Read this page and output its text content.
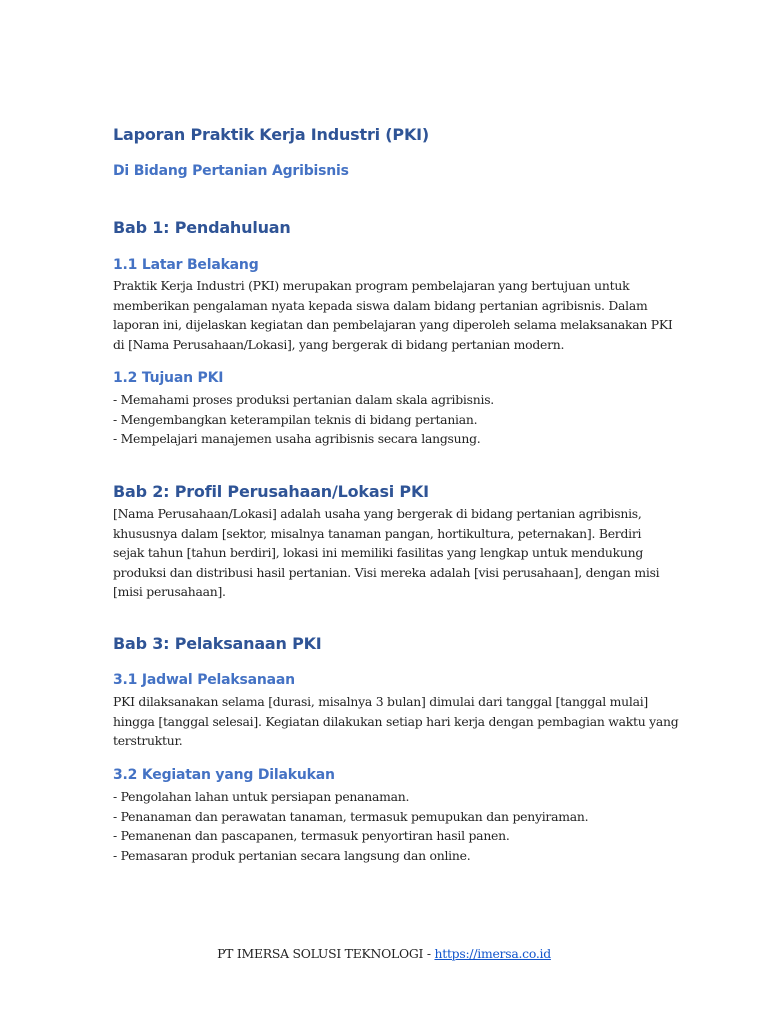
Laporan Praktik Kerja Industri (PKI)
Di Bidang Pertanian Agribisnis
Bab 1: Pendahuluan
1.1 Latar Belakang
Praktik Kerja Industri (PKI) merupakan program pembelajaran yang bertujuan untuk
memberikan pengalaman nyata kepada siswa dalam bidang pertanian agribisnis. Dalam
laporan ini, dijelaskan kegiatan dan pembelajaran yang diperoleh selama melaksanakan PKI
di [Nama Perusahaan/Lokasi], yang bergerak di bidang pertanian modern.
1.2 Tujuan PKI
- Memahami proses produksi pertanian dalam skala agribisnis.
- Mengembangkan keterampilan teknis di bidang pertanian.
- Mempelajari manajemen usaha agribisnis secara langsung.
Bab 2: Profil Perusahaan/Lokasi PKI
[Nama Perusahaan/Lokasi] adalah usaha yang bergerak di bidang pertanian agribisnis,
khususnya dalam [sektor, misalnya tanaman pangan, hortikultura, peternakan]. Berdiri
sejak tahun [tahun berdiri], lokasi ini memiliki fasilitas yang lengkap untuk mendukung
produksi dan distribusi hasil pertanian. Visi mereka adalah [visi perusahaan], dengan misi
[misi perusahaan].
Bab 3: Pelaksanaan PKI
3.1 Jadwal Pelaksanaan
PKI dilaksanakan selama [durasi, misalnya 3 bulan] dimulai dari tanggal [tanggal mulai]
hingga [tanggal selesai]. Kegiatan dilakukan setiap hari kerja dengan pembagian waktu yang
terstruktur.
3.2 Kegiatan yang Dilakukan
- Pengolahan lahan untuk persiapan penanaman.
- Penanaman dan perawatan tanaman, termasuk pemupukan dan penyiraman.
- Pemanenan dan pascapanen, termasuk penyortiran hasil panen.
- Pemasaran produk pertanian secara langsung dan online.
PT IMERSA SOLUSI TEKNOLOGI - https://imersa.co.id
